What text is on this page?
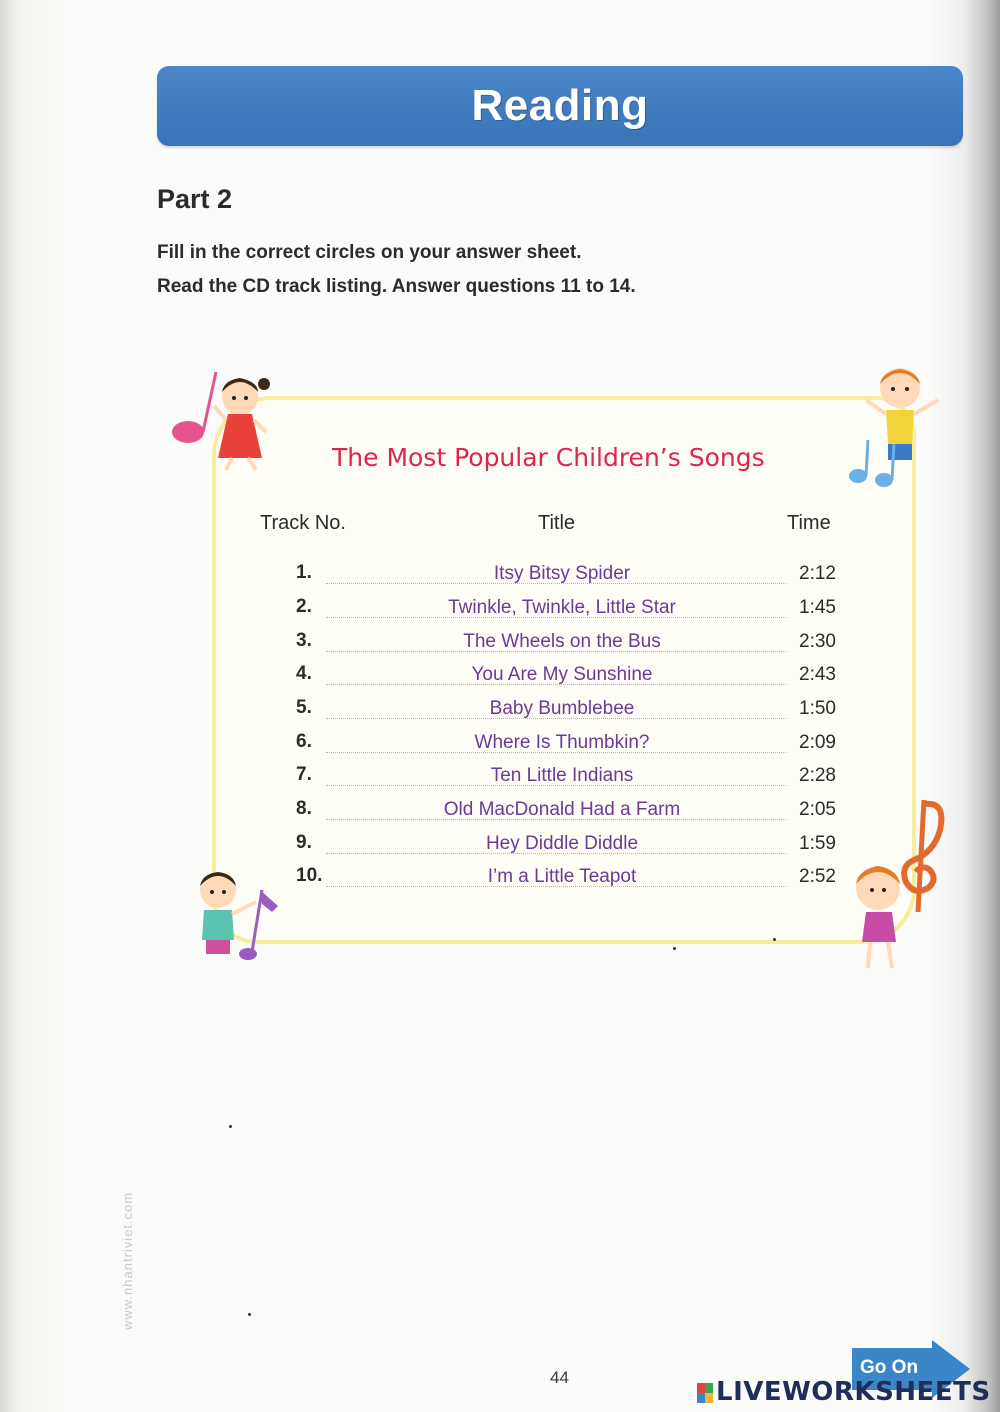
Reading
Part 2
Fill in the correct circles on your answer sheet.
Read the CD track listing. Answer questions 11 to 14.
The Most Popular Children’s Songs
Track No.	Title	Time
1.	Itsy Bitsy Spider	2:12
2.	Twinkle, Twinkle, Little Star	1:45
3.	The Wheels on the Bus	2:30
4.	You Are My Sunshine	2:43
5.	Baby Bumblebee	1:50
6.	Where Is Thumbkin?	2:09
7.	Ten Little Indians	2:28
8.	Old MacDonald Had a Farm	2:05
9.	Hey Diddle Diddle	1:59
10.	I’m a Little Teapot	2:52
www.nhantriviet.com
44	Go On
LIVEWORKSHEETS
